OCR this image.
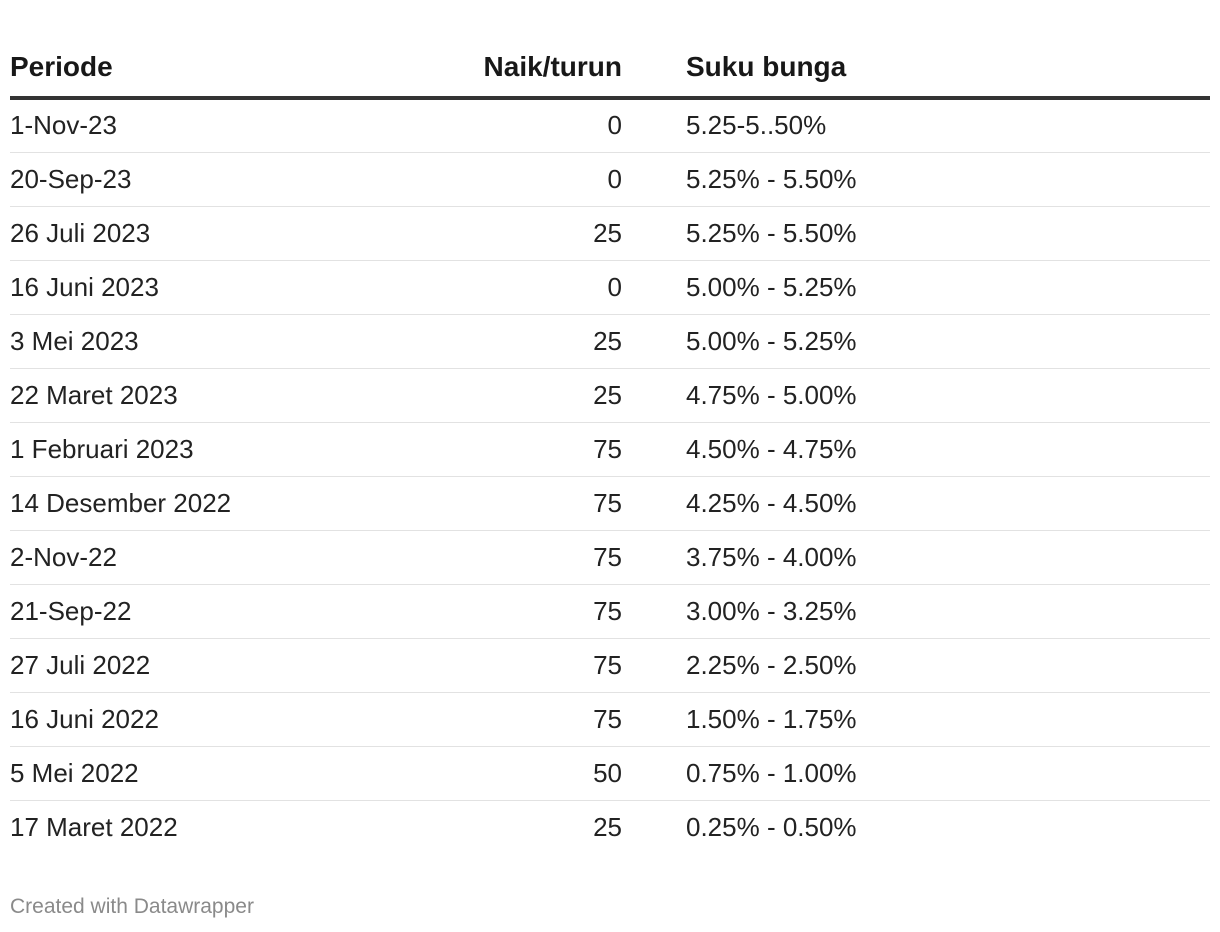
Periode	Naik/turun	Suku bunga
1-Nov-23	0	5.25-5..50%
20-Sep-23	0	5.25% - 5.50%
26 Juli 2023	25	5.25% - 5.50%
16 Juni 2023	0	5.00% - 5.25%
3 Mei 2023	25	5.00% - 5.25%
22 Maret 2023	25	4.75% - 5.00%
1 Februari 2023	75	4.50% - 4.75%
14 Desember 2022	75	4.25% - 4.50%
2-Nov-22	75	3.75% - 4.00%
21-Sep-22	75	3.00% - 3.25%
27 Juli 2022	75	2.25% - 2.50%
16 Juni 2022	75	1.50% - 1.75%
5 Mei 2022	50	0.75% - 1.00%
17 Maret 2022	25	0.25% - 0.50%
Created with Datawrapper
